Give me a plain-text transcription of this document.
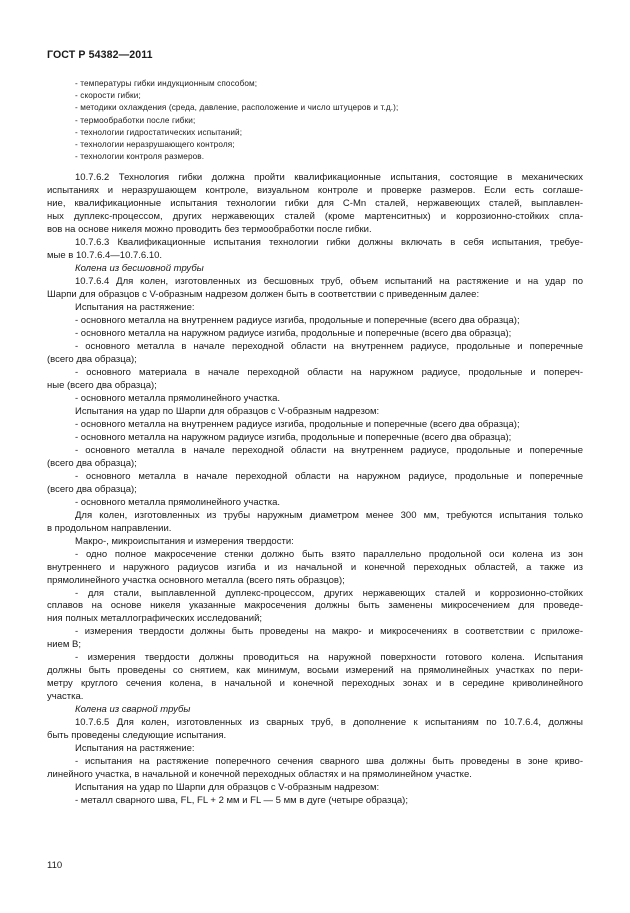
ГОСТ Р 54382—2011
- температуры гибки индукционным способом;
- скорости гибки;
- методики охлаждения (среда, давление, расположение и число штуцеров и т.д.);
- термообработки после гибки;
- технологии гидростатических испытаний;
- технологии неразрушающего контроля;
- технологии контроля размеров.
10.7.6.2 Технология гибки должна пройти квалификационные испытания, состоящие в механических
испытаниях и неразрушающем контроле, визуальном контроле и проверке размеров. Если есть соглаше-
ние, квалификационные испытания технологии гибки для C-Mn сталей, нержавеющих сталей, выплавлен-
ных дуплекс-процессом, других нержавеющих сталей (кроме мартенситных) и коррозионно-стойких спла-
вов на основе никеля можно проводить без термообработки после гибки.
10.7.6.3 Квалификационные испытания технологии гибки должны включать в себя испытания, требуе-
мые в 10.7.6.4—10.7.6.10.
Колена из бесшовной трубы
10.7.6.4 Для колен, изготовленных из бесшовных труб, объем испытаний на растяжение и на удар по
Шарпи для образцов с V-образным надрезом должен быть в соответствии с приведенным далее:
Испытания на растяжение:
- основного металла на внутреннем радиусе изгиба, продольные и поперечные (всего два образца);
- основного металла на наружном радиусе изгиба, продольные и поперечные (всего два образца);
- основного металла в начале переходной области на внутреннем радиусе, продольные и поперечные
(всего два образца);
- основного материала в начале переходной области на наружном радиусе, продольные и попереч-
ные (всего два образца);
- основного металла прямолинейного участка.
Испытания на удар по Шарпи для образцов с V-образным надрезом:
- основного металла на внутреннем радиусе изгиба, продольные и поперечные (всего два образца);
- основного металла на наружном радиусе изгиба, продольные и поперечные (всего два образца);
- основного металла в начале переходной области на внутреннем радиусе, продольные и поперечные
(всего два образца);
- основного металла в начале переходной области на наружном радиусе, продольные и поперечные
(всего два образца);
- основного металла прямолинейного участка.
Для колен, изготовленных из трубы наружным диаметром менее 300 мм, требуются испытания только
в продольном направлении.
Макро-, микроиспытания и измерения твердости:
- одно полное макросечение стенки должно быть взято параллельно продольной оси колена из зон
внутреннего и наружного радиусов изгиба и из начальной и конечной переходных областей, а также из
прямолинейного участка основного металла (всего пять образцов);
- для стали, выплавленной дуплекс-процессом, других нержавеющих сталей и коррозионно-стойких
сплавов на основе никеля указанные макросечения должны быть заменены микросечением для проведе-
ния полных металлографических исследований;
- измерения твердости должны быть проведены на макро- и микросечениях в соответствии с приложе-
нием В;
- измерения твердости должны проводиться на наружной поверхности готового колена. Испытания
должны быть проведены со снятием, как минимум, восьми измерений на прямолинейных участках по пери-
метру круглого сечения колена, в начальной и конечной переходных зонах и в середине криволинейного
участка.
Колена из сварной трубы
10.7.6.5 Для колен, изготовленных из сварных труб, в дополнение к испытаниям по 10.7.6.4, должны
быть проведены следующие испытания.
Испытания на растяжение:
- испытания на растяжение поперечного сечения сварного шва должны быть проведены в зоне криво-
линейного участка, в начальной и конечной переходных областях и на прямолинейном участке.
Испытания на удар по Шарпи для образцов с V-образным надрезом:
- металл сварного шва, FL, FL + 2 мм и FL — 5 мм в дуге (четыре образца);
110
